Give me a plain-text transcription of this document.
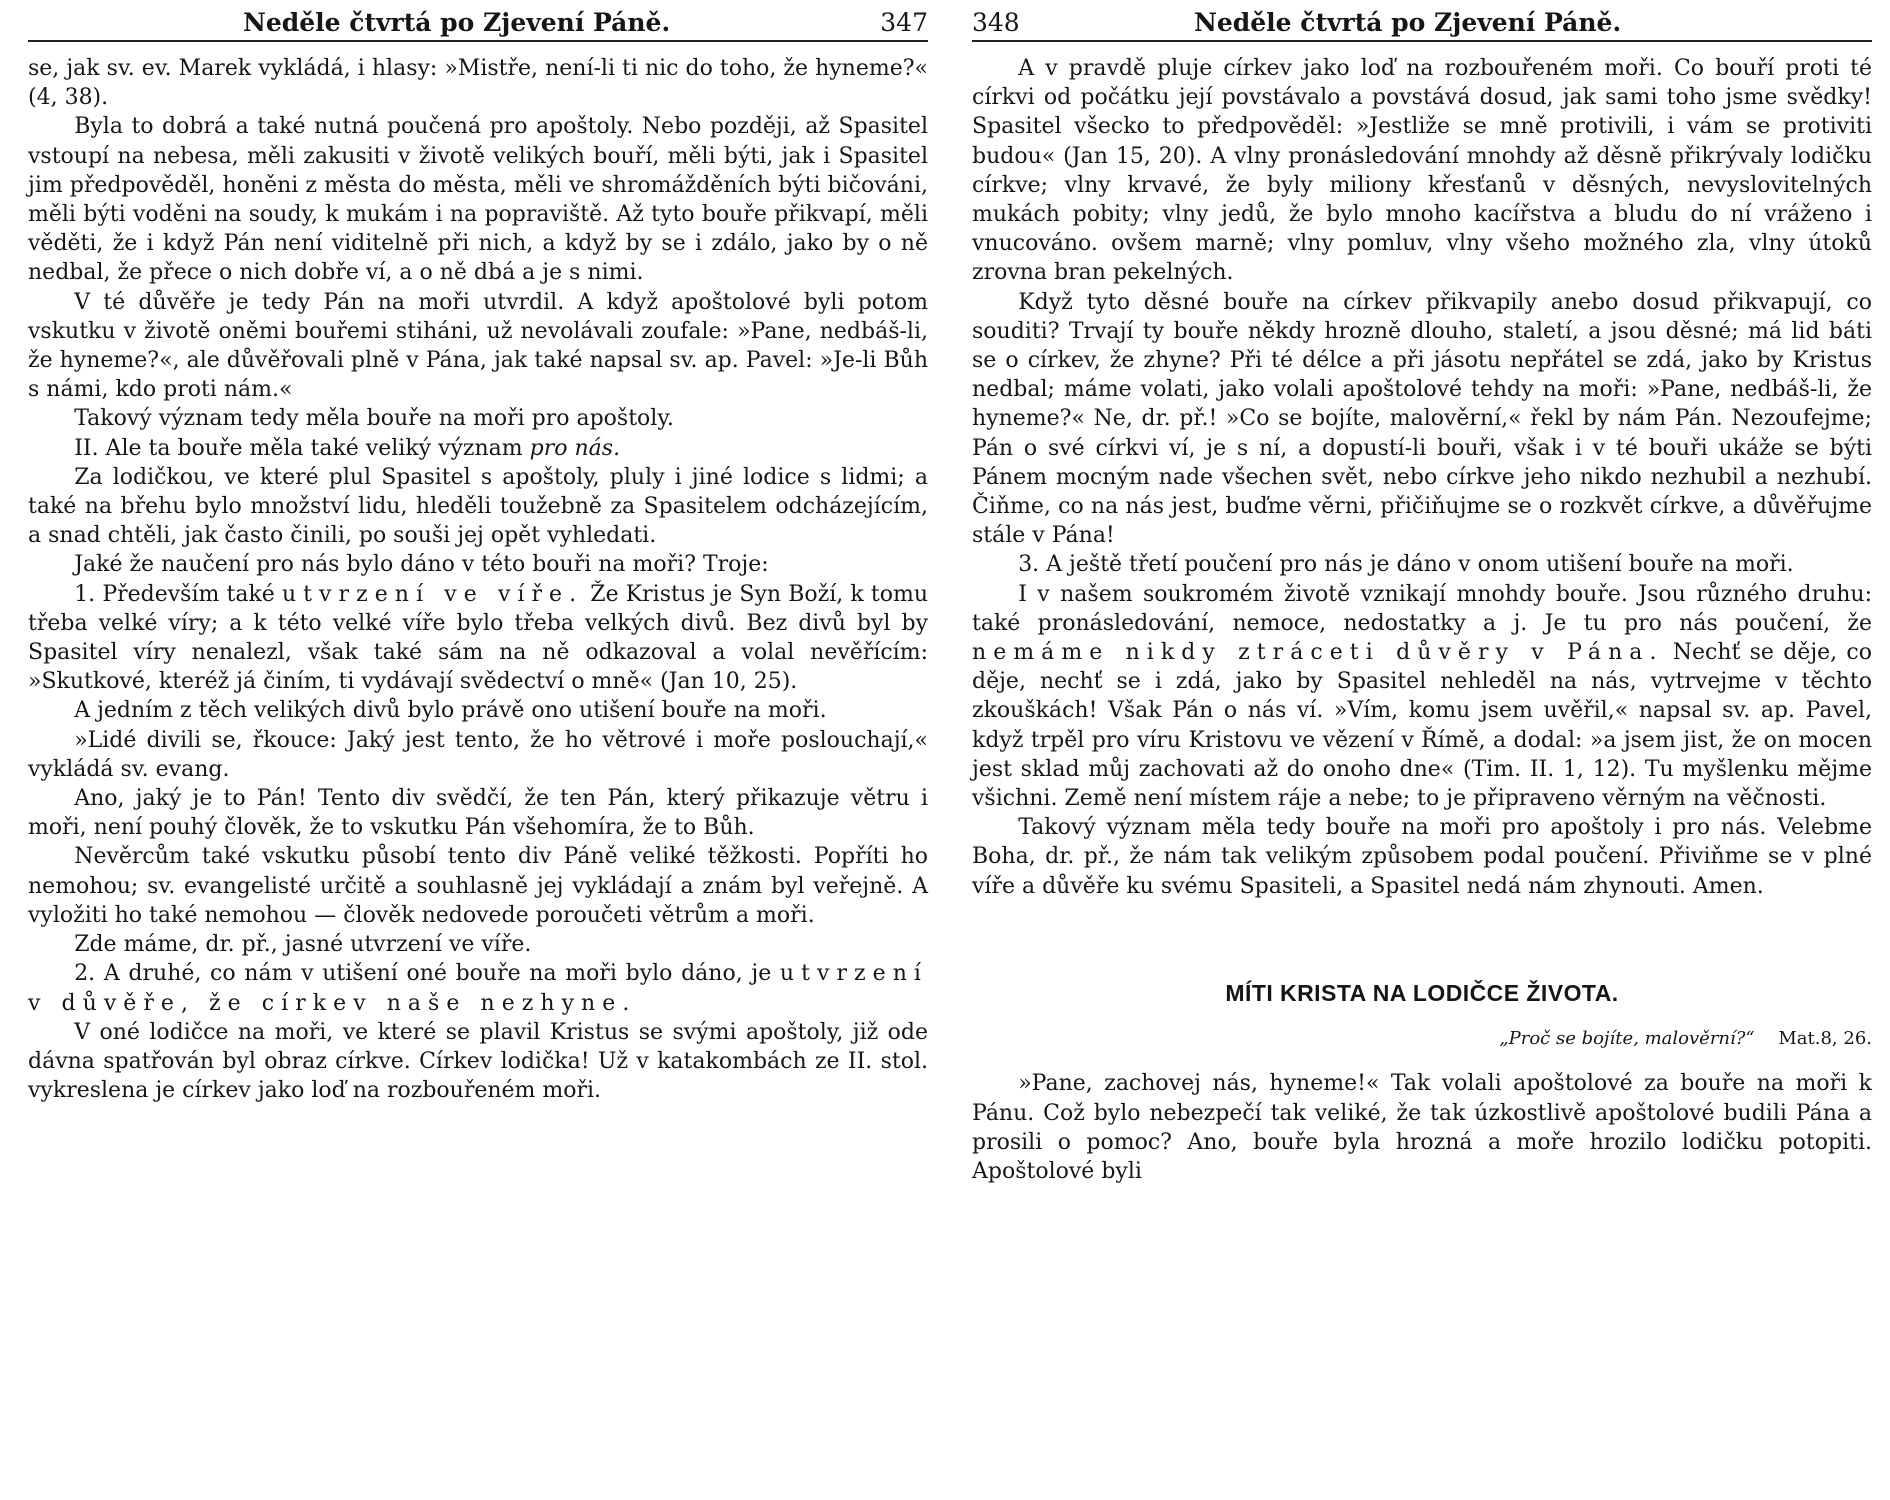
Neděle čtvrtá po Zjevení Páně.	347

se, jak sv. ev. Marek vykládá, i hlasy: »Mistře, není-li ti nic do toho, že hyneme?« (4, 38).

Byla to dobrá a také nutná poučená pro apoštoly. Nebo později, až Spasitel vstoupí na nebesa, měli zakusiti v životě velikých bouří, měli býti, jak i Spasitel jim předpověděl, honěni z města do města, měli ve shromážděních býti bičováni, měli býti voděni na soudy, k mukám i na popraviště. Až tyto bouře přikvapí, měli věděti, že i když Pán není viditelně při nich, a když by se i zdálo, jako by o ně nedbal, že přece o nich dobře ví, a o ně dbá a je s nimi.

V té důvěře je tedy Pán na moři utvrdil. A když apoštolové byli potom vskutku v životě oněmi bouřemi stiháni, už nevolávali zoufale: »Pane, nedbáš-li, že hyneme?«, ale důvěřovali plně v Pána, jak také napsal sv. ap. Pavel: »Je-li Bůh s námi, kdo proti nám.«

Takový význam tedy měla bouře na moři pro apoštoly.

II. Ale ta bouře měla také veliký význam pro nás.

Za lodičkou, ve které plul Spasitel s apoštoly, pluly i jiné lodice s lidmi; a také na břehu bylo množství lidu, hleděli toužebně za Spasitelem odcházejícím, a snad chtěli, jak často činili, po souši jej opět vyhledati.

Jaké že naučení pro nás bylo dáno v této bouři na moři? Troje:

1. Především také utvrzení ve víře. Že Kristus je Syn Boží, k tomu třeba velké víry; a k této velké víře bylo třeba velkých divů. Bez divů byl by Spasitel víry nenalezl, však také sám na ně odkazoval a volal nevěřícím: »Skutkové, kteréž já činím, ti vydávají svědectví o mně« (Jan 10, 25).

A jedním z těch velikých divů bylo právě ono utišení bouře na moři.

»Lidé divili se, řkouce: Jaký jest tento, že ho větrové i moře poslouchají,« vykládá sv. evang.

Ano, jaký je to Pán! Tento div svědčí, že ten Pán, který přikazuje větru i moři, není pouhý člověk, že to vskutku Pán všehomíra, že to Bůh.

Nevěrcům také vskutku působí tento div Páně veliké těžkosti. Popříti ho nemohou; sv. evangelisté určitě a souhlasně jej vykládají a znám byl veřejně. A vyložiti ho také nemohou — člověk nedovede poroučeti větrům a moři.

Zde máme, dr. př., jasné utvrzení ve víře.

2. A druhé, co nám v utišení oné bouře na moři bylo dáno, je utvrzení v důvěře, že církev naše nezhyne.

V oné lodičce na moři, ve které se plavil Kristus se svými apoštoly, již ode dávna spatřován byl obraz církve. Církev lodička! Už v katakombách ze II. stol. vykreslena je církev jako loď na rozbouřeném moři.

348	Neděle čtvrtá po Zjevení Páně.

A v pravdě pluje církev jako loď na rozbouřeném moři. Co bouří proti té církvi od počátku její povstávalo a povstává dosud, jak sami toho jsme svědky! Spasitel všecko to předpověděl: »Jestliže se mně protivili, i vám se protiviti budou« (Jan 15, 20). A vlny pronásledování mnohdy až děsně přikrývaly lodičku církve; vlny krvavé, že byly miliony křesťanů v děsných, nevyslovitelných mukách pobity; vlny jedů, že bylo mnoho kacířstva a bludu do ní vráženo i vnucováno. ovšem marně; vlny pomluv, vlny všeho možného zla, vlny útoků zrovna bran pekelných.

Když tyto děsné bouře na církev přikvapily anebo dosud přikvapují, co souditi? Trvají ty bouře někdy hrozně dlouho, staletí, a jsou děsné; má lid báti se o církev, že zhyne? Při té délce a při jásotu nepřátel se zdá, jako by Kristus nedbal; máme volati, jako volali apoštolové tehdy na moři: »Pane, nedbáš-li, že hyneme?« Ne, dr. př.! »Co se bojíte, malověrní,« řekl by nám Pán. Nezoufejme; Pán o své církvi ví, je s ní, a dopustí-li bouři, však i v té bouři ukáže se býti Pánem mocným nade všechen svět, nebo církve jeho nikdo nezhubil a nezhubí. Čiňme, co na nás jest, buďme věrni, přičiňujme se o rozkvět církve, a důvěřujme stále v Pána!

3. A ještě třetí poučení pro nás je dáno v onom utišení bouře na moři.

I v našem soukromém životě vznikají mnohdy bouře. Jsou různého druhu: také pronásledování, nemoce, nedostatky a j. Je tu pro nás poučení, že nemáme nikdy ztráceti důvěry v Pána. Nechť se děje, co děje, nechť se i zdá, jako by Spasitel nehleděl na nás, vytrvejme v těchto zkouškách! Však Pán o nás ví. »Vím, komu jsem uvěřil,« napsal sv. ap. Pavel, když trpěl pro víru Kristovu ve vězení v Římě, a dodal: »a jsem jist, že on mocen jest sklad můj zachovati až do onoho dne« (Tim. II. 1, 12). Tu myšlenku mějme všichni. Země není místem ráje a nebe; to je připraveno věrným na věčnosti.

Takový význam měla tedy bouře na moři pro apoštoly i pro nás. Velebme Boha, dr. př., že nám tak velikým způsobem podal poučení. Přiviňme se v plné víře a důvěře ku svému Spasiteli, a Spasitel nedá nám zhynouti. Amen.

MÍTI KRISTA NA LODIČCE ŽIVOTA.
„Proč se bojíte, malověrní?“ Mat.8, 26.

»Pane, zachovej nás, hyneme!« Tak volali apoštolové za bouře na moři k Pánu. Což bylo nebezpečí tak veliké, že tak úzkostlivě apoštolové budili Pána a prosili o pomoc? Ano, bouře byla hrozná a moře hrozilo lodičku potopiti. Apoštolové byli
